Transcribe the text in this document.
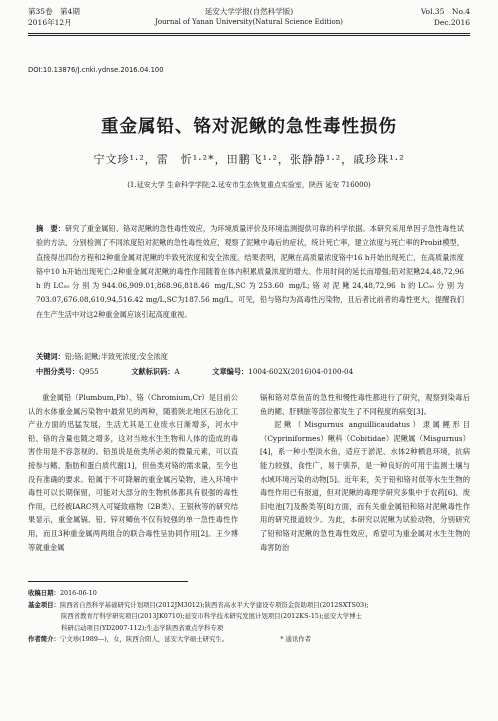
第35卷　第4期
2016年12月
延安大学学报(自然科学版)
Journal of Yanan University(Natural Science Edition)
Vol.35　No.4
Dec.2016
DOI:10.13876/J.cnki.ydnse.2016.04.100
重金属铅、铬对泥鳅的急性毒性损伤
宁文珍¹·²，雷　忻¹·²*，田鹏飞¹·²，张静静¹·²，戚珍珠¹·²
(1.延安大学 生命科学学院;2.延安市生态恢复重点实验室，陕西 延安 716000)
摘　要：研究了重金属铅、铬对泥鳅的急性毒性效应，为环境质量评价及环境监测提供可靠的科学依据。本研究采用单因子急性毒性试验的方法，分别检测了不同浓度铅对泥鳅的急性毒性效应，观察了泥鳅中毒后的症状，统计死亡率，建立浓度与死亡率的Probit模型，直接得出四份方程和2种重金属对泥鳅的半致死浓度和安全浓度。结果表明，泥鳅在高质量浓度铬中16 h开始出现死亡，在高质量浓度铬中10 h开始出现死亡;2种重金属对泥鳅的毒性作用随着在体内积累质量浓度的增大、作用时间的延长而增强;铅对泥鳅24,48,72,96 h的LC₅₀分别为944.06,909.01,868.96,818.46 mg/L,SC为253.60 mg/L;铬对泥鳅24,48,72,96 h的LC₅₀分别为703.07,676.08,610.94,516.42 mg/L,SC为187.56 mg/L。可见，铅与铬均为高毒性污染物，且后者比前者的毒性更大，提醒我们在生产生活中对这2种重金属应该引起高度重视。
关键词：铅;铬;泥鳅;半致死浓度;安全浓度
中图分类号：Q955	文献标识码：A	文章编号：1004-602X(2016)04-0100-04

重金属铅（Plumbum,Pb）、铬（Chromium,Cr）是目前公认的水体重金属污染物中最常见的两种，随着陕北地区石油化工产业方面的迅猛发展，生活尤其是工业废水日渐增多，河水中铅、铬的含量也随之增多，这对当地水生生物和人体的造成的毒害作用是不容忽视的。铅虽说是鱼类所必须的微量元素，可以直接参与鳍、脂肪和蛋白质代谢[1]，但鱼类对铬的需求量，至今也没有准确的要求。铅属于不可降解的重金属污染物，进入环境中毒性可以长期保留，可能对大部分的生物机体都具有很强的毒性作用，已经被IARC列入可疑致癌物（2B类）。王银秋等的研究结果显示，重金属镉、铅、锌对鲫鱼不仅有较强的单一急性毒性作用，而且3种重金属两两组合的联合毒性呈协同作用[2]。王少博等就重金属

镉和铬对草鱼苗的急性和慢性毒性都进行了研究，观察到染毒后鱼的鳃、肝胰脏等部位都发生了不同程度的病变[3]。

泥鳅（Misgurnus anguillicaudatus）隶属鲤形目（Cypriniformes）鳅科（Cobitidae）泥鳅属（Misgurnus）[4]，系一种小型淡水鱼，适应于淤泥、水体2种栖息环境，抗病能力较强，食性广，易于驯养，是一种良好的可用于监测土壤与水域环境污染的动物[5]。近年来，关于铅和铬对低等水生生物的毒性作用已有报道，但对泥鳅的毒理学研究多集中于农药[6]、废旧电池[7]及酚类等[8]方面，而有关重金属铅和铬对泥鳅毒性作用的研究报道较少。为此，本研究以泥鳅为试验动物，分别研究了铅和铬对泥鳅的急性毒性效应，希望可为重金属对水生生物的毒害防治

收稿日期：2016-06-10
基金项目：陕西省自然科学基础研究计划项目(2012JM3012);陕西省高水平大学建设专项资金资助项目(2012SXTS03);
陕西省教育厅科学研究项目(2013JK0710);延安市科学技术研究发展计划项目(2012KS-15);延安大学博士
科研启动项目(YD2007-112);生态学陕西省重点学科专项
作者简介：宁文珍(1989—)，女，陕西合阳人，延安大学硕士研究生。	* 通讯作者
